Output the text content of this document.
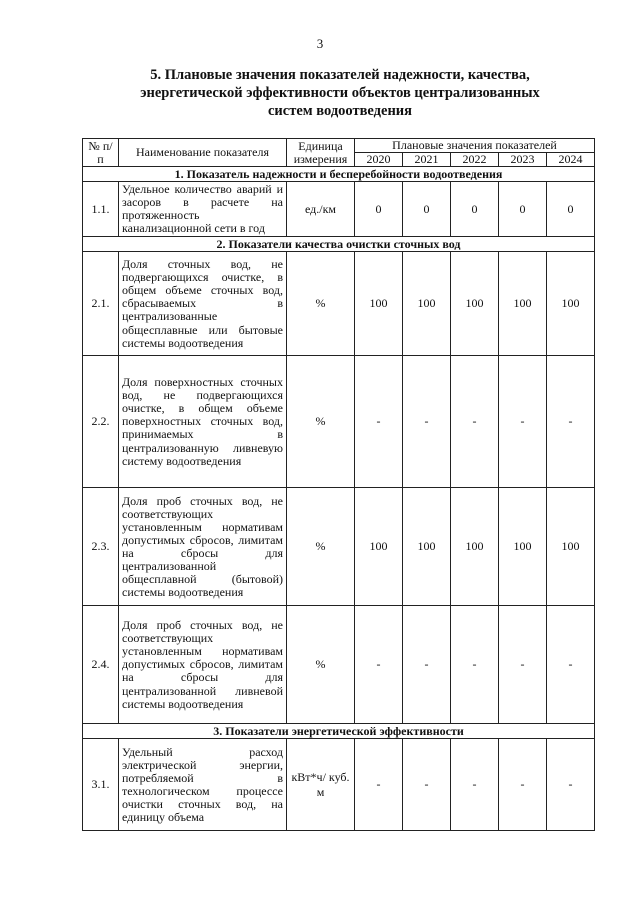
3
5. Плановые значения показателей надежности, качества,
энергетической эффективности объектов централизованных
систем водоотведения
№ п/п	Наименование показателя	Единица измерения	Плановые значения показателей				
			2020	2021	2022	2023	2024
1. Показатель надежности и бесперебойности водоотведения							
1.1.	Удельное количество аварий и засоров в расчете на протяженность канализационной сети в год	ед./км	0	0	0	0	0
2. Показатели качества очистки сточных вод							
2.1.	Доля сточных вод, не подвергающихся очистке, в общем объеме сточных вод, сбрасываемых в централизованные общесплавные или бытовые системы водоотведения	%	100	100	100	100	100
2.2.	Доля поверхностных сточных вод, не подвергающихся очистке, в общем объеме поверхностных сточных вод, принимаемых в централизованную ливневую систему водоотведения	%	-	-	-	-	-
2.3.	Доля проб сточных вод, не соответствующих установленным нормативам допустимых сбросов, лимитам на сбросы для централизованной общесплавной (бытовой) системы водоотведения	%	100	100	100	100	100
2.4.	Доля проб сточных вод, не соответствующих установленным нормативам допустимых сбросов, лимитам на сбросы для централизованной ливневой системы водоотведения	%	-	-	-	-	-
3. Показатели энергетической эффективности							
3.1.	Удельный расход электрической энергии, потребляемой в технологическом процессе очистки сточных вод, на единицу объема	кВт*ч/ куб. м	-	-	-	-	-
